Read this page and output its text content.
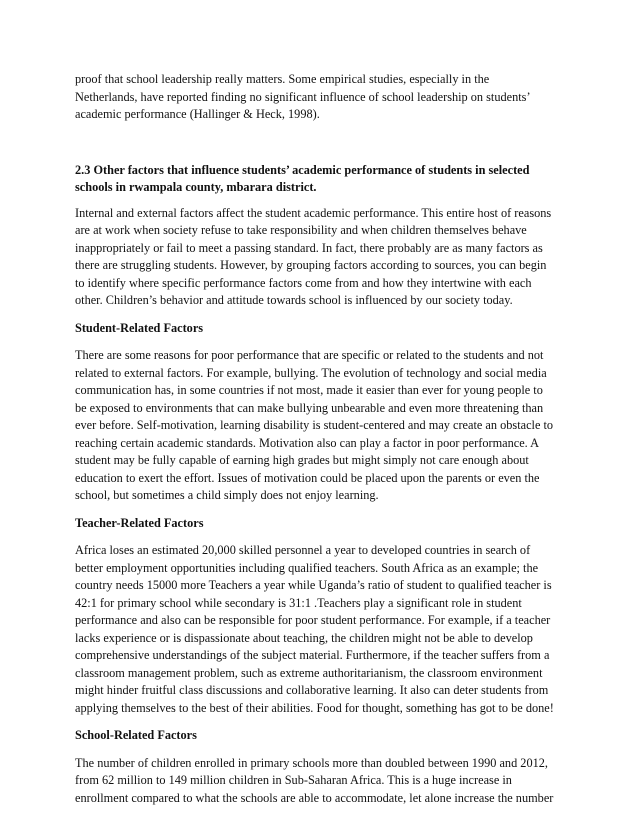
proof that school leadership really matters. Some empirical studies, especially in the
Netherlands, have reported finding no significant influence of school leadership on students’
academic performance (Hallinger & Heck, 1998).
2.3 Other factors that influence students’ academic performance of students in selected
schools in rwampala county, mbarara district.
Internal and external factors affect the student academic performance. This entire host of reasons
are at work when society refuse to take responsibility and when children themselves behave
inappropriately or fail to meet a passing standard. In fact, there probably are as many factors as
there are struggling students. However, by grouping factors according to sources, you can begin
to identify where specific performance factors come from and how they intertwine with each
other. Children’s behavior and attitude towards school is influenced by our society today.
Student-Related Factors
There are some reasons for poor performance that are specific or related to the students and not
related to external factors. For example, bullying. The evolution of technology and social media
communication has, in some countries if not most, made it easier than ever for young people to
be exposed to environments that can make bullying unbearable and even more threatening than
ever before. Self-motivation, learning disability is student-centered and may create an obstacle to
reaching certain academic standards. Motivation also can play a factor in poor performance. A
student may be fully capable of earning high grades but might simply not care enough about
education to exert the effort. Issues of motivation could be placed upon the parents or even the
school, but sometimes a child simply does not enjoy learning.
Teacher-Related Factors
Africa loses an estimated 20,000 skilled personnel a year to developed countries in search of
better employment opportunities including qualified teachers. South Africa as an example; the
country needs 15000 more Teachers a year while Uganda’s ratio of student to qualified teacher is
42:1 for primary school while secondary is 31:1 .Teachers play a significant role in student
performance and also can be responsible for poor student performance. For example, if a teacher
lacks experience or is dispassionate about teaching, the children might not be able to develop
comprehensive understandings of the subject material. Furthermore, if the teacher suffers from a
classroom management problem, such as extreme authoritarianism, the classroom environment
might hinder fruitful class discussions and collaborative learning. It also can deter students from
applying themselves to the best of their abilities. Food for thought, something has got to be done!
School-Related Factors
The number of children enrolled in primary schools more than doubled between 1990 and 2012,
from 62 million to 149 million children in Sub-Saharan Africa. This is a huge increase in
enrollment compared to what the schools are able to accommodate, let alone increase the number
